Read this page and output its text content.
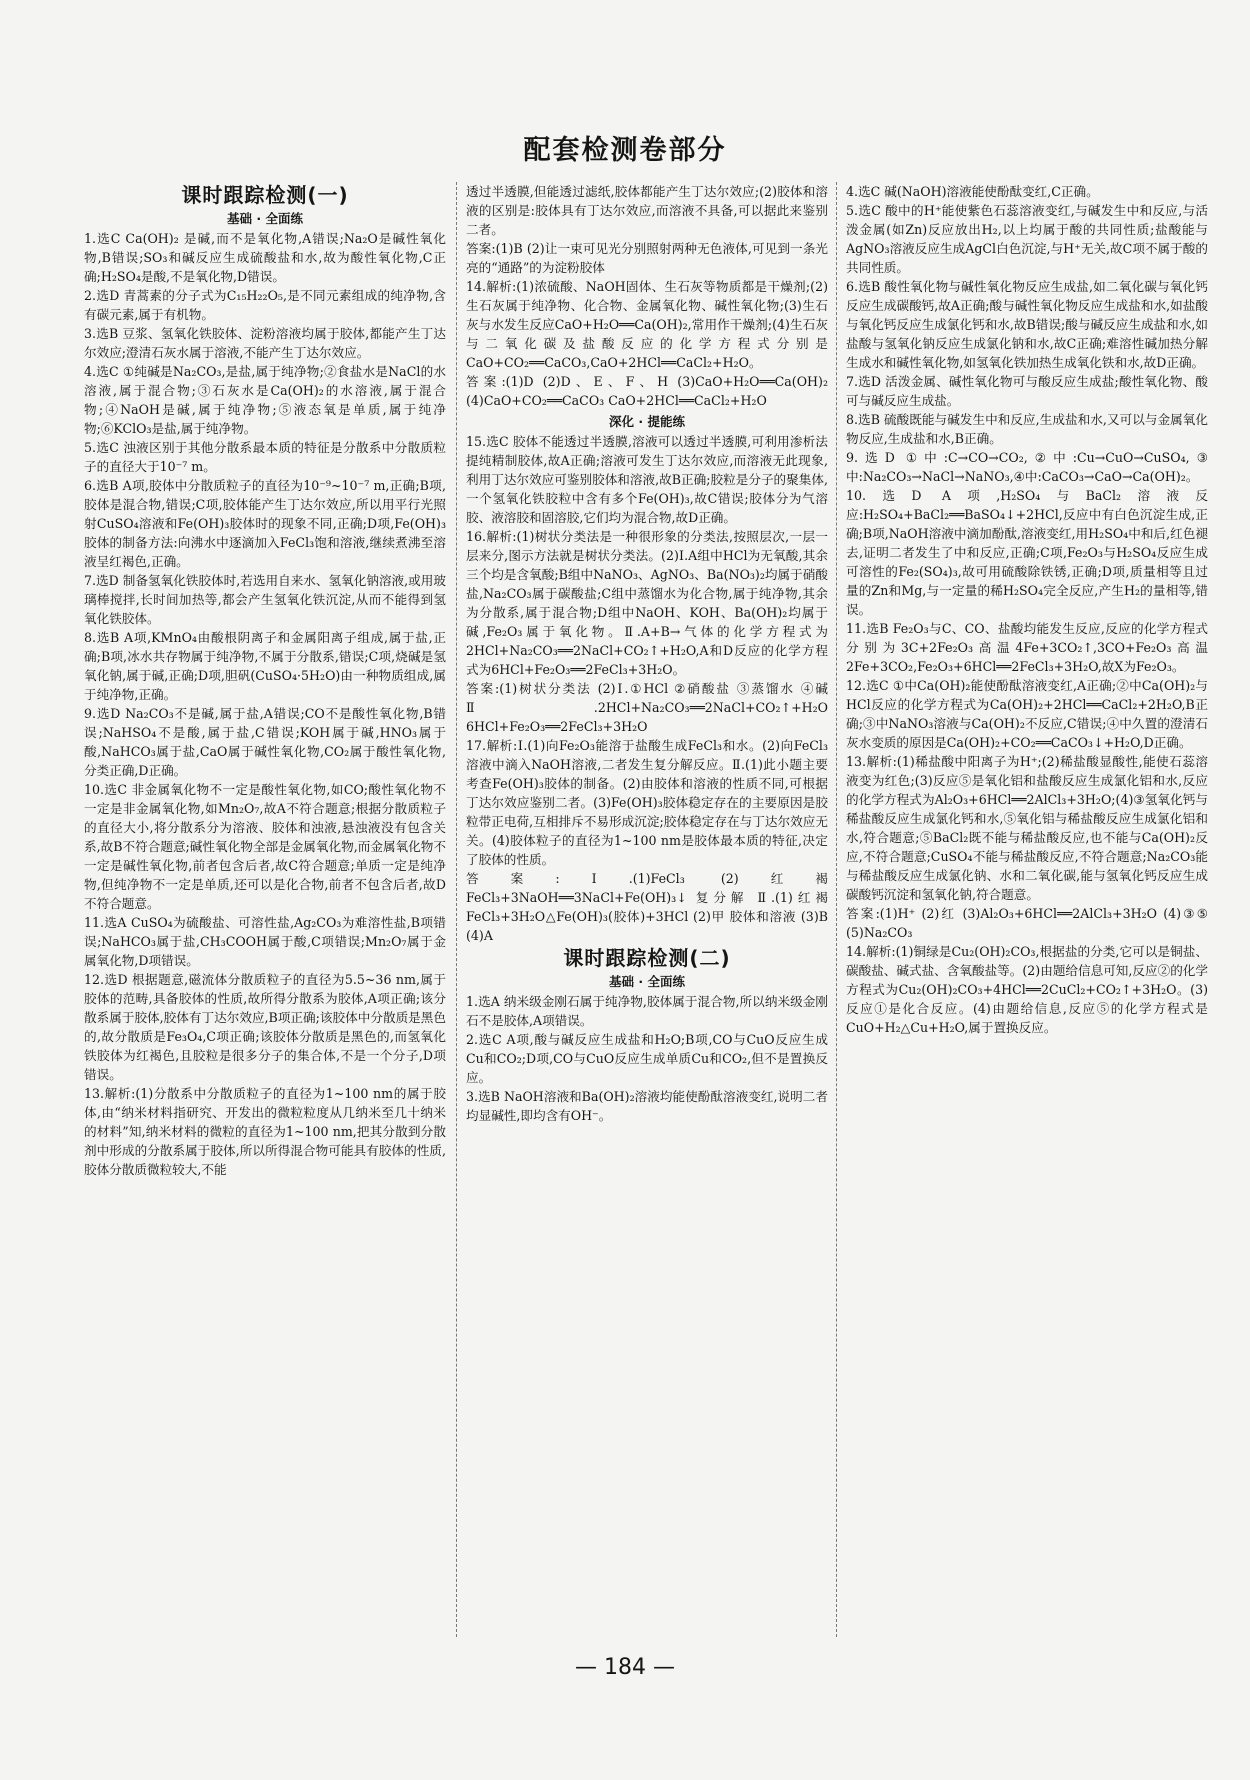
配套检测卷部分
课时跟踪检测(一)
基础 · 全面练
1.选C Ca(OH)₂ 是碱,而不是氧化物,A错误;Na₂O是碱性氧化物,B错误;SO₃和碱反应生成硫酸盐和水,故为酸性氧化物,C正确;H₂SO₄是酸,不是氧化物,D错误。
2.选D 青蒿素的分子式为C₁₅H₂₂O₅,是不同元素组成的纯净物,含有碳元素,属于有机物。
3.选B 豆浆、氢氧化铁胶体、淀粉溶液均属于胶体,都能产生丁达尔效应;澄清石灰水属于溶液,不能产生丁达尔效应。
4.选C ①纯碱是Na₂CO₃,是盐,属于纯净物;②食盐水是NaCl的水溶液,属于混合物;③石灰水是Ca(OH)₂的水溶液,属于混合物;④NaOH是碱,属于纯净物;⑤液态氧是单质,属于纯净物;⑥KClO₃是盐,属于纯净物。
5.选C 浊液区别于其他分散系最本质的特征是分散系中分散质粒子的直径大于10⁻⁷ m。
6.选B A项,胶体中分散质粒子的直径为10⁻⁹~10⁻⁷ m,正确;B项,胶体是混合物,错误;C项,胶体能产生丁达尔效应,所以用平行光照射CuSO₄溶液和Fe(OH)₃胶体时的现象不同,正确;D项,Fe(OH)₃胶体的制备方法:向沸水中逐滴加入FeCl₃饱和溶液,继续煮沸至溶液呈红褐色,正确。
7.选D 制备氢氧化铁胶体时,若选用自来水、氢氧化钠溶液,或用玻璃棒搅拌,长时间加热等,都会产生氢氧化铁沉淀,从而不能得到氢氧化铁胶体。
8.选B A项,KMnO₄由酸根阴离子和金属阳离子组成,属于盐,正确;B项,冰水共存物属于纯净物,不属于分散系,错误;C项,烧碱是氢氧化钠,属于碱,正确;D项,胆矾(CuSO₄·5H₂O)由一种物质组成,属于纯净物,正确。
9.选D Na₂CO₃不是碱,属于盐,A错误;CO不是酸性氧化物,B错误;NaHSO₄不是酸,属于盐,C错误;KOH属于碱,HNO₃属于酸,NaHCO₃属于盐,CaO属于碱性氧化物,CO₂属于酸性氧化物,分类正确,D正确。
10.选C 非金属氧化物不一定是酸性氧化物,如CO;酸性氧化物不一定是非金属氧化物,如Mn₂O₇,故A不符合题意;根据分散质粒子的直径大小,将分散系分为溶液、胶体和浊液,悬浊液没有包含关系,故B不符合题意;碱性氧化物全部是金属氧化物,而金属氧化物不一定是碱性氧化物,前者包含后者,故C符合题意;单质一定是纯净物,但纯净物不一定是单质,还可以是化合物,前者不包含后者,故D不符合题意。
11.选A CuSO₄为硫酸盐、可溶性盐,Ag₂CO₃为难溶性盐,B项错误;NaHCO₃属于盐,CH₃COOH属于酸,C项错误;Mn₂O₇属于金属氧化物,D项错误。
12.选D 根据题意,磁流体分散质粒子的直径为5.5~36 nm,属于胶体的范畴,具备胶体的性质,故所得分散系为胶体,A项正确;该分散系属于胶体,胶体有丁达尔效应,B项正确;该胶体中分散质是黑色的,故分散质是Fe₃O₄,C项正确;该胶体分散质是黑色的,而氢氧化铁胶体为红褐色,且胶粒是很多分子的集合体,不是一个分子,D项错误。
13.解析:(1)分散系中分散质粒子的直径为1~100 nm的属于胶体,由“纳米材料指研究、开发出的微粒粒度从几纳米至几十纳米的材料”知,纳米材料的微粒的直径为1~100 nm,把其分散到分散剂中形成的分散系属于胶体,所以所得混合物可能具有胶体的性质,胶体分散质微粒较大,不能
透过半透膜,但能透过滤纸,胶体都能产生丁达尔效应;(2)胶体和溶液的区别是:胶体具有丁达尔效应,而溶液不具备,可以据此来鉴别二者。
答案:(1)B (2)让一束可见光分别照射两种无色液体,可见到一条光亮的“通路”的为淀粉胶体
14.解析:(1)浓硫酸、NaOH固体、生石灰等物质都是干燥剂;(2)生石灰属于纯净物、化合物、金属氧化物、碱性氧化物;(3)生石灰与水发生反应CaO+H₂O══Ca(OH)₂,常用作干燥剂;(4)生石灰与二氧化碳及盐酸反应的化学方程式分别是CaO+CO₂══CaCO₃,CaO+2HCl══CaCl₂+H₂O。
答案:(1)D (2)D、E、F、H (3)CaO+H₂O══Ca(OH)₂ (4)CaO+CO₂══CaCO₃ CaO+2HCl══CaCl₂+H₂O
深化 · 提能练
15.选C 胶体不能透过半透膜,溶液可以透过半透膜,可利用渗析法提纯精制胶体,故A正确;溶液可发生丁达尔效应,而溶液无此现象,利用丁达尔效应可鉴别胶体和溶液,故B正确;胶粒是分子的聚集体,一个氢氧化铁胶粒中含有多个Fe(OH)₃,故C错误;胶体分为气溶胶、液溶胶和固溶胶,它们均为混合物,故D正确。
16.解析:(1)树状分类法是一种很形象的分类法,按照层次,一层一层来分,图示方法就是树状分类法。(2)Ⅰ.A组中HCl为无氧酸,其余三个均是含氧酸;B组中NaNO₃、AgNO₃、Ba(NO₃)₂均属于硝酸盐,Na₂CO₃属于碳酸盐;C组中蒸馏水为化合物,属于纯净物,其余为分散系,属于混合物;D组中NaOH、KOH、Ba(OH)₂均属于碱,Fe₂O₃属于氧化物。Ⅱ.A+B→气体的化学方程式为2HCl+Na₂CO₃══2NaCl+CO₂↑+H₂O,A和D反应的化学方程式为6HCl+Fe₂O₃══2FeCl₃+3H₂O。
答案:(1)树状分类法 (2)Ⅰ.①HCl ②硝酸盐 ③蒸馏水 ④碱 Ⅱ.2HCl+Na₂CO₃══2NaCl+CO₂↑+H₂O 6HCl+Fe₂O₃══2FeCl₃+3H₂O
17.解析:Ⅰ.(1)向Fe₂O₃能溶于盐酸生成FeCl₃和水。(2)向FeCl₃溶液中滴入NaOH溶液,二者发生复分解反应。Ⅱ.(1)此小题主要考查Fe(OH)₃胶体的制备。(2)由胶体和溶液的性质不同,可根据丁达尔效应鉴别二者。(3)Fe(OH)₃胶体稳定存在的主要原因是胶粒带正电荷,互相排斥不易形成沉淀;胶体稳定存在与丁达尔效应无关。(4)胶体粒子的直径为1~100 nm是胶体最本质的特征,决定了胶体的性质。
答案:Ⅰ.(1)FeCl₃ (2)红褐 FeCl₃+3NaOH══3NaCl+Fe(OH)₃↓ 复分解 Ⅱ.(1)红褐 FeCl₃+3H₂O△Fe(OH)₃(胶体)+3HCl (2)甲 胶体和溶液 (3)B (4)A
课时跟踪检测(二)
基础 · 全面练
1.选A 纳米级金刚石属于纯净物,胶体属于混合物,所以纳米级金刚石不是胶体,A项错误。
2.选C A项,酸与碱反应生成盐和H₂O;B项,CO与CuO反应生成Cu和CO₂;D项,CO与CuO反应生成单质Cu和CO₂,但不是置换反应。
3.选B NaOH溶液和Ba(OH)₂溶液均能使酚酞溶液变红,说明二者均显碱性,即均含有OH⁻。
4.选C 碱(NaOH)溶液能使酚酞变红,C正确。
5.选C 酸中的H⁺能使紫色石蕊溶液变红,与碱发生中和反应,与活泼金属(如Zn)反应放出H₂,以上均属于酸的共同性质;盐酸能与AgNO₃溶液反应生成AgCl白色沉淀,与H⁺无关,故C项不属于酸的共同性质。
6.选B 酸性氧化物与碱性氧化物反应生成盐,如二氧化碳与氧化钙反应生成碳酸钙,故A正确;酸与碱性氧化物反应生成盐和水,如盐酸与氧化钙反应生成氯化钙和水,故B错误;酸与碱反应生成盐和水,如盐酸与氢氧化钠反应生成氯化钠和水,故C正确;难溶性碱加热分解生成水和碱性氧化物,如氢氧化铁加热生成氧化铁和水,故D正确。
7.选D 活泼金属、碱性氧化物可与酸反应生成盐;酸性氧化物、酸可与碱反应生成盐。
8.选B 硫酸既能与碱发生中和反应,生成盐和水,又可以与金属氧化物反应,生成盐和水,B正确。
9.选D ①中:C→CO→CO₂,②中:Cu→CuO→CuSO₄,③中:Na₂CO₃→NaCl→NaNO₃,④中:CaCO₃→CaO→Ca(OH)₂。
10.选D A项,H₂SO₄与BaCl₂溶液反应:H₂SO₄+BaCl₂══BaSO₄↓+2HCl,反应中有白色沉淀生成,正确;B项,NaOH溶液中滴加酚酞,溶液变红,用H₂SO₄中和后,红色褪去,证明二者发生了中和反应,正确;C项,Fe₂O₃与H₂SO₄反应生成可溶性的Fe₂(SO₄)₃,故可用硫酸除铁锈,正确;D项,质量相等且过量的Zn和Mg,与一定量的稀H₂SO₄完全反应,产生H₂的量相等,错误。
11.选B Fe₂O₃与C、CO、盐酸均能发生反应,反应的化学方程式分别为3C+2Fe₂O₃高温4Fe+3CO₂↑,3CO+Fe₂O₃高温2Fe+3CO₂,Fe₂O₃+6HCl══2FeCl₃+3H₂O,故X为Fe₂O₃。
12.选C ①中Ca(OH)₂能使酚酞溶液变红,A正确;②中Ca(OH)₂与HCl反应的化学方程式为Ca(OH)₂+2HCl══CaCl₂+2H₂O,B正确;③中NaNO₃溶液与Ca(OH)₂不反应,C错误;④中久置的澄清石灰水变质的原因是Ca(OH)₂+CO₂══CaCO₃↓+H₂O,D正确。
13.解析:(1)稀盐酸中阳离子为H⁺;(2)稀盐酸显酸性,能使石蕊溶液变为红色;(3)反应⑤是氧化铝和盐酸反应生成氯化铝和水,反应的化学方程式为Al₂O₃+6HCl══2AlCl₃+3H₂O;(4)③氢氧化钙与稀盐酸反应生成氯化钙和水,⑤氧化铝与稀盐酸反应生成氯化铝和水,符合题意;⑤BaCl₂既不能与稀盐酸反应,也不能与Ca(OH)₂反应,不符合题意;CuSO₄不能与稀盐酸反应,不符合题意;Na₂CO₃能与稀盐酸反应生成氯化钠、水和二氧化碳,能与氢氧化钙反应生成碳酸钙沉淀和氢氧化钠,符合题意。
答案:(1)H⁺ (2)红 (3)Al₂O₃+6HCl══2AlCl₃+3H₂O (4)③⑤ (5)Na₂CO₃
14.解析:(1)铜绿是Cu₂(OH)₂CO₃,根据盐的分类,它可以是铜盐、碳酸盐、碱式盐、含氧酸盐等。(2)由题给信息可知,反应②的化学方程式为Cu₂(OH)₂CO₃+4HCl══2CuCl₂+CO₂↑+3H₂O。(3)反应①是化合反应。(4)由题给信息,反应⑤的化学方程式是CuO+H₂△Cu+H₂O,属于置换反应。
— 184 —
